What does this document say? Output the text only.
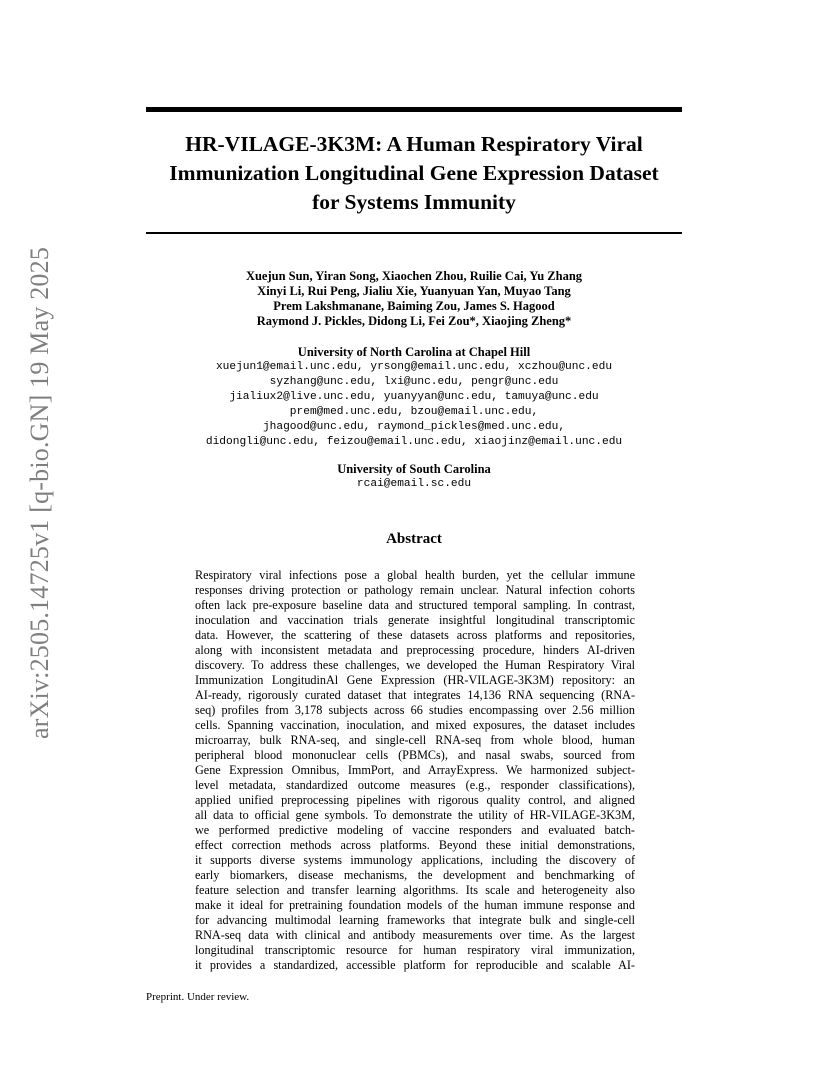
arXiv:2505.14725v1 [q-bio.GN] 19 May 2025
HR-VILAGE-3K3M: A Human Respiratory Viral
Immunization Longitudinal Gene Expression Dataset
for Systems Immunity
Xuejun Sun, Yiran Song, Xiaochen Zhou, Ruilie Cai, Yu Zhang
Xinyi Li, Rui Peng, Jialiu Xie, Yuanyuan Yan, Muyao Tang
Prem Lakshmanane, Baiming Zou, James S. Hagood
Raymond J. Pickles, Didong Li, Fei Zou*, Xiaojing Zheng*
University of North Carolina at Chapel Hill
xuejun1@email.unc.edu, yrsong@email.unc.edu, xczhou@unc.edu
syzhang@unc.edu, lxi@unc.edu, pengr@unc.edu
jialiux2@live.unc.edu, yuanyyan@unc.edu, tamuya@unc.edu
prem@med.unc.edu, bzou@email.unc.edu,
jhagood@unc.edu, raymond_pickles@med.unc.edu,
didongli@unc.edu, feizou@email.unc.edu, xiaojinz@email.unc.edu
University of South Carolina
rcai@email.sc.edu
Abstract
Respiratory viral infections pose a global health burden, yet the cellular immune
responses driving protection or pathology remain unclear. Natural infection cohorts
often lack pre-exposure baseline data and structured temporal sampling. In contrast,
inoculation and vaccination trials generate insightful longitudinal transcriptomic
data. However, the scattering of these datasets across platforms and repositories,
along with inconsistent metadata and preprocessing procedure, hinders AI-driven
discovery. To address these challenges, we developed the Human Respiratory Viral
Immunization LongitudinAl Gene Expression (HR-VILAGE-3K3M) repository: an
AI-ready, rigorously curated dataset that integrates 14,136 RNA sequencing (RNA-
seq) profiles from 3,178 subjects across 66 studies encompassing over 2.56 million
cells. Spanning vaccination, inoculation, and mixed exposures, the dataset includes
microarray, bulk RNA-seq, and single-cell RNA-seq from whole blood, human
peripheral blood mononuclear cells (PBMCs), and nasal swabs, sourced from
Gene Expression Omnibus, ImmPort, and ArrayExpress. We harmonized subject-
level metadata, standardized outcome measures (e.g., responder classifications),
applied unified preprocessing pipelines with rigorous quality control, and aligned
all data to official gene symbols. To demonstrate the utility of HR-VILAGE-3K3M,
we performed predictive modeling of vaccine responders and evaluated batch-
effect correction methods across platforms. Beyond these initial demonstrations,
it supports diverse systems immunology applications, including the discovery of
early biomarkers, disease mechanisms, the development and benchmarking of
feature selection and transfer learning algorithms. Its scale and heterogeneity also
make it ideal for pretraining foundation models of the human immune response and
for advancing multimodal learning frameworks that integrate bulk and single-cell
RNA-seq data with clinical and antibody measurements over time. As the largest
longitudinal transcriptomic resource for human respiratory viral immunization,
it provides a standardized, accessible platform for reproducible and scalable AI-
Preprint. Under review.
